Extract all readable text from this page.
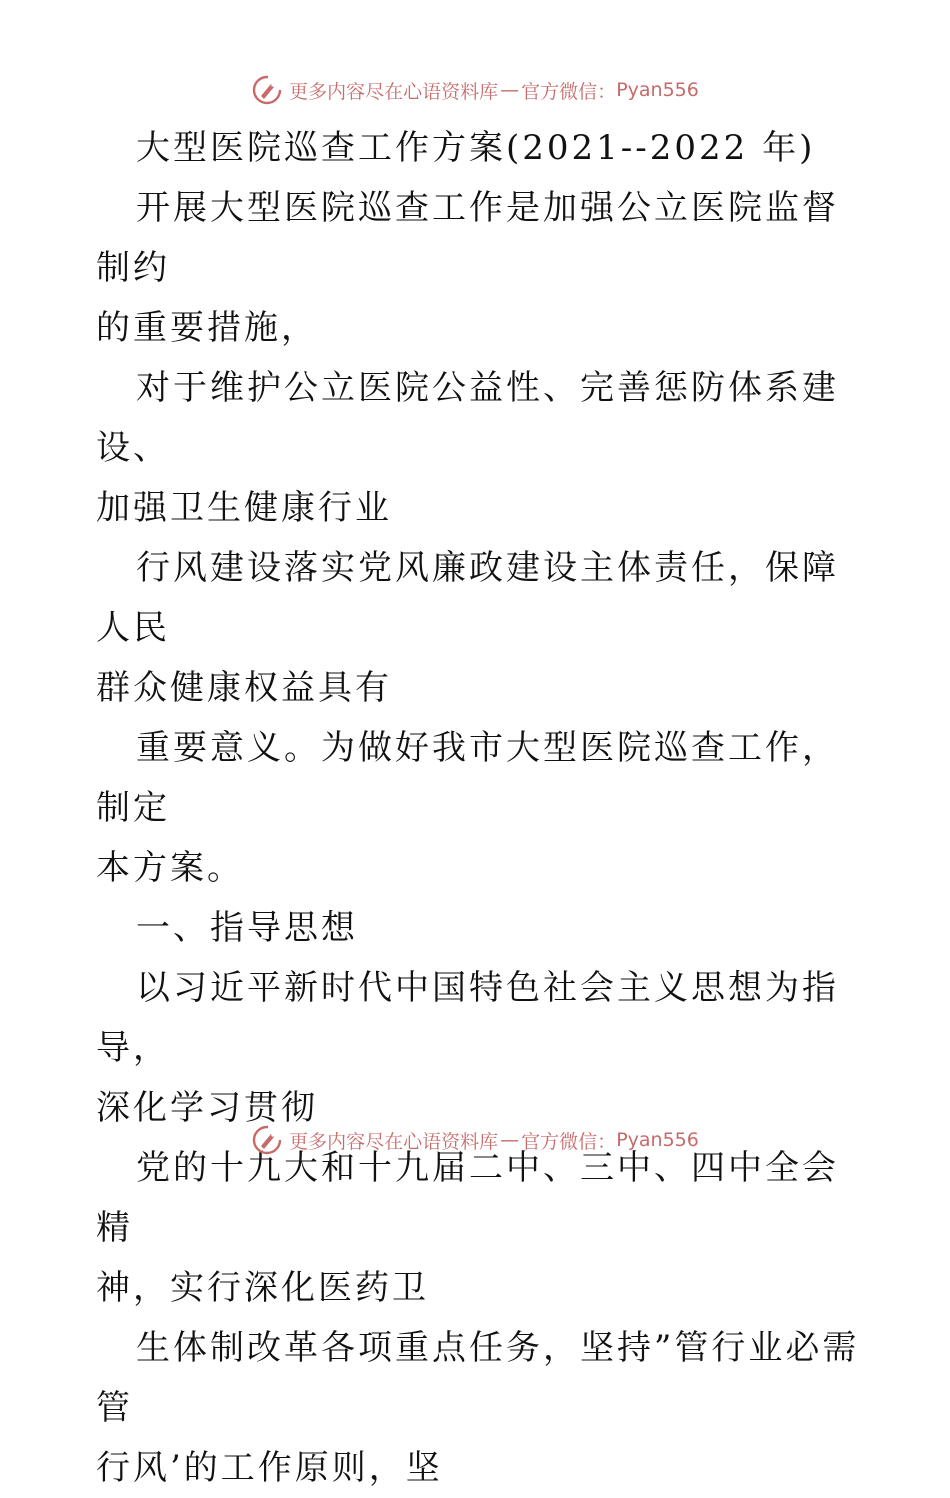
更多内容尽在心语资料库 — 官方微信： Pyan556

大型医院巡查工作方案(2021--2022 年)

开展大型医院巡查工作是加强公立医院监督制约
的重要措施，

对于维护公立医院公益性、完善惩防体系建设、
加强卫生健康行业

行风建设落实党风廉政建设主体责任，保障人民
群众健康权益具有

重要意义。为做好我市大型医院巡查工作，制定
本方案。

一、指导思想

以习近平新时代中国特色社会主义思想为指导，
深化学习贯彻

党的十九大和十九届二中、三中、四中全会精
神，实行深化医药卫

生体制改革各项重点任务，坚持”管行业必需管
行风’的工作原则，坚

更多内容尽在心语资料库 — 官方微信： Pyan556
